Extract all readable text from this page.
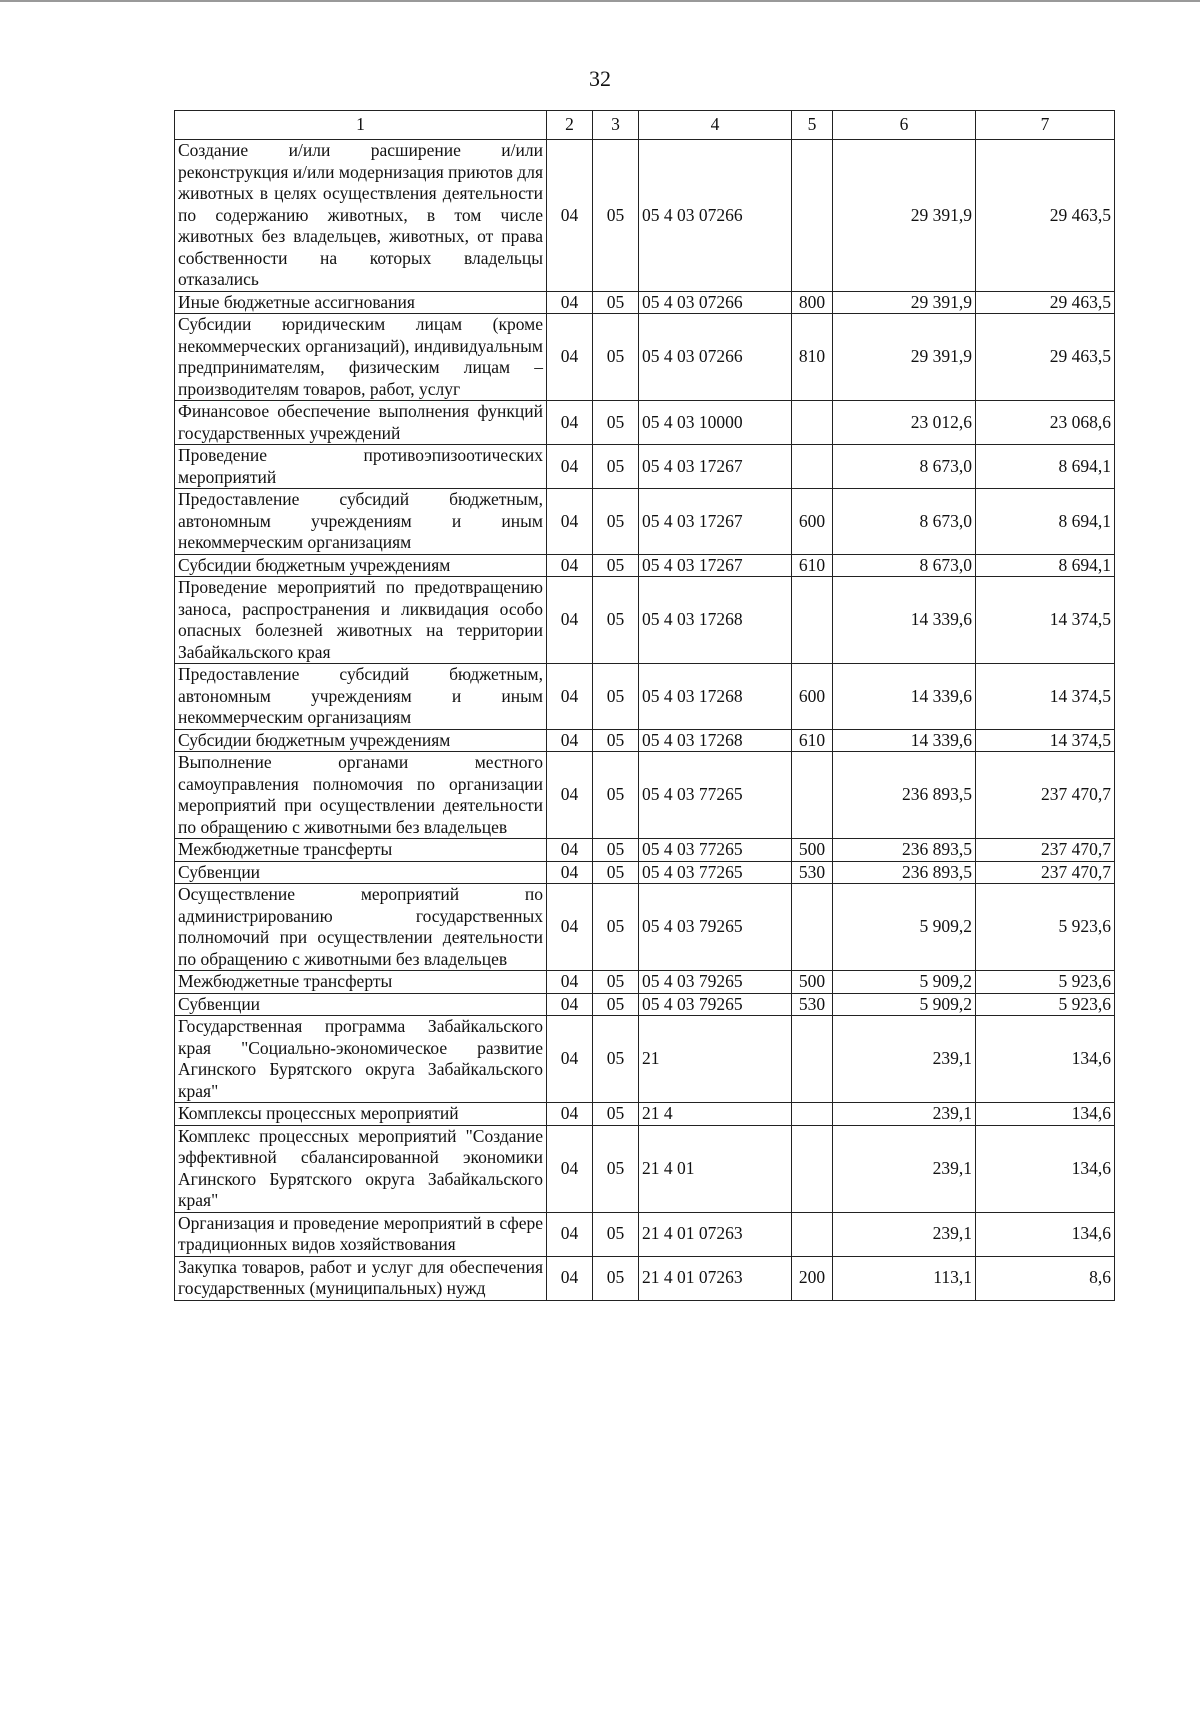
32
1	2	3	4	5	6	7
Создание и/или расширение и/или реконструкция и/или модернизация приютов для животных в целях осуществления деятельности по содержанию животных, в том числе животных без владельцев, животных, от права собственности на которых владельцы отказались	04	05	05 4 03 07266		29 391,9	29 463,5
Иные бюджетные ассигнования	04	05	05 4 03 07266	800	29 391,9	29 463,5
Субсидии юридическим лицам (кроме некоммерческих организаций), индивидуальным предпринимателям, физическим лицам – производителям товаров, работ, услуг	04	05	05 4 03 07266	810	29 391,9	29 463,5
Финансовое обеспечение выполнения функций государственных учреждений	04	05	05 4 03 10000		23 012,6	23 068,6
Проведение противоэпизоотических мероприятий	04	05	05 4 03 17267		8 673,0	8 694,1
Предоставление субсидий бюджетным, автономным учреждениям и иным некоммерческим организациям	04	05	05 4 03 17267	600	8 673,0	8 694,1
Субсидии бюджетным учреждениям	04	05	05 4 03 17267	610	8 673,0	8 694,1
Проведение мероприятий по предотвращению заноса, распространения и ликвидация особо опасных болезней животных на территории Забайкальского края	04	05	05 4 03 17268		14 339,6	14 374,5
Предоставление субсидий бюджетным, автономным учреждениям и иным некоммерческим организациям	04	05	05 4 03 17268	600	14 339,6	14 374,5
Субсидии бюджетным учреждениям	04	05	05 4 03 17268	610	14 339,6	14 374,5
Выполнение органами местного самоуправления полномочия по организации мероприятий при осуществлении деятельности по обращению с животными без владельцев	04	05	05 4 03 77265		236 893,5	237 470,7
Межбюджетные трансферты	04	05	05 4 03 77265	500	236 893,5	237 470,7
Субвенции	04	05	05 4 03 77265	530	236 893,5	237 470,7
Осуществление мероприятий по администрированию государственных полномочий при осуществлении деятельности по обращению с животными без владельцев	04	05	05 4 03 79265		5 909,2	5 923,6
Межбюджетные трансферты	04	05	05 4 03 79265	500	5 909,2	5 923,6
Субвенции	04	05	05 4 03 79265	530	5 909,2	5 923,6
Государственная программа Забайкальского края "Социально-экономическое развитие Агинского Бурятского округа Забайкальского края"	04	05	21		239,1	134,6
Комплексы процессных мероприятий	04	05	21 4		239,1	134,6
Комплекс процессных мероприятий "Создание эффективной сбалансированной экономики Агинского Бурятского округа Забайкальского края"	04	05	21 4 01		239,1	134,6
Организация и проведение мероприятий в сфере традиционных видов хозяйствования	04	05	21 4 01 07263		239,1	134,6
Закупка товаров, работ и услуг для обеспечения государственных (муниципальных) нужд	04	05	21 4 01 07263	200	113,1	8,6
